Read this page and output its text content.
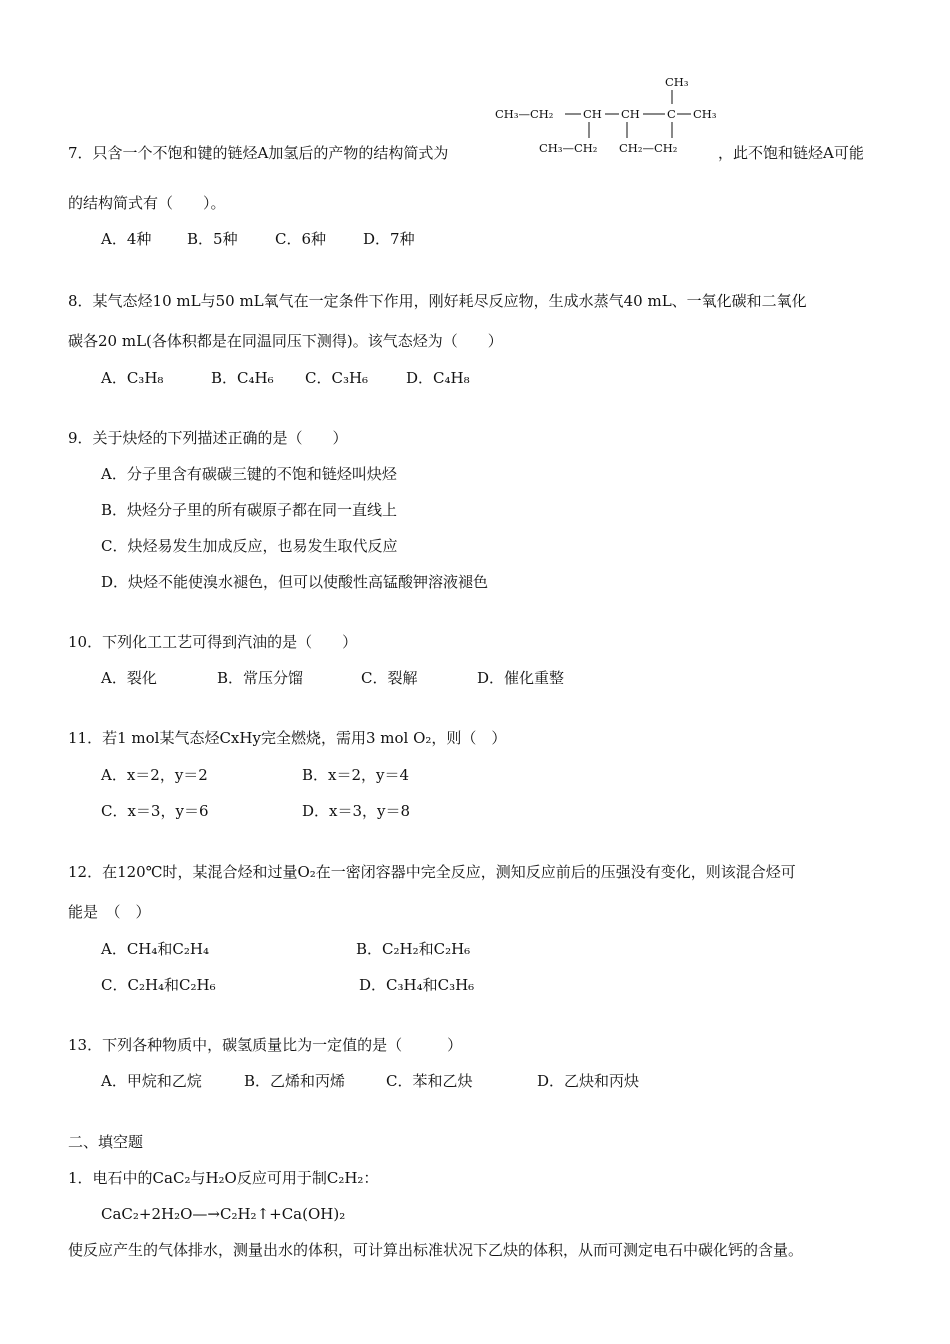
7．只含一个不饱和键的链烃A加氢后的产物的结构简式为
CH₃
CH₃—CH₂	CH CH C CH₃
CH₃—CH₂ CH₂—CH₂	，此不饱和链烃A可能
的结构简式有（　　）。
A．4种 B．5种 C．6种 D．7种
8．某气态烃10 mL与50 mL氧气在一定条件下作用，刚好耗尽反应物，生成水蒸气40 mL、一氧化碳和二氧化
碳各20 mL(各体积都是在同温同压下测得)。该气态烃为（　　）
A．C₃H₈	B．C₄H₆ C．C₃H₆	D．C₄H₈
9．关于炔烃的下列描述正确的是（　　）
A．分子里含有碳碳三键的不饱和链烃叫炔烃
B．炔烃分子里的所有碳原子都在同一直线上
C．炔烃易发生加成反应，也易发生取代反应
D．炔烃不能使溴水褪色，但可以使酸性高锰酸钾溶液褪色
10．下列化工工艺可得到汽油的是（　　）
A．裂化	B．常压分馏	C．裂解	D．催化重整
11．若1 mol某气态烃CxHy完全燃烧，需用3 mol O₂，则（　）
A．x＝2，y＝2	B．x＝2，y＝4
C．x＝3，y＝6	D．x＝3，y＝8
12．在120℃时，某混合烃和过量O₂在一密闭容器中完全反应，测知反应前后的压强没有变化，则该混合烃可
能是　（　）
A．CH₄和C₂H₄	B．C₂H₂和C₂H₆
C．C₂H₄和C₂H₆	D．C₃H₄和C₃H₆
13．下列各种物质中，碳氢质量比为一定值的是（　　　）
A．甲烷和乙烷	B．乙烯和丙烯	C．苯和乙炔	D．乙炔和丙炔
二、填空题
1．电石中的CaC₂与H₂O反应可用于制C₂H₂：
CaC₂+2H₂O—→C₂H₂↑+Ca(OH)₂
使反应产生的气体排水，测量出水的体积，可计算出标准状况下乙炔的体积，从而可测定电石中碳化钙的含量。
